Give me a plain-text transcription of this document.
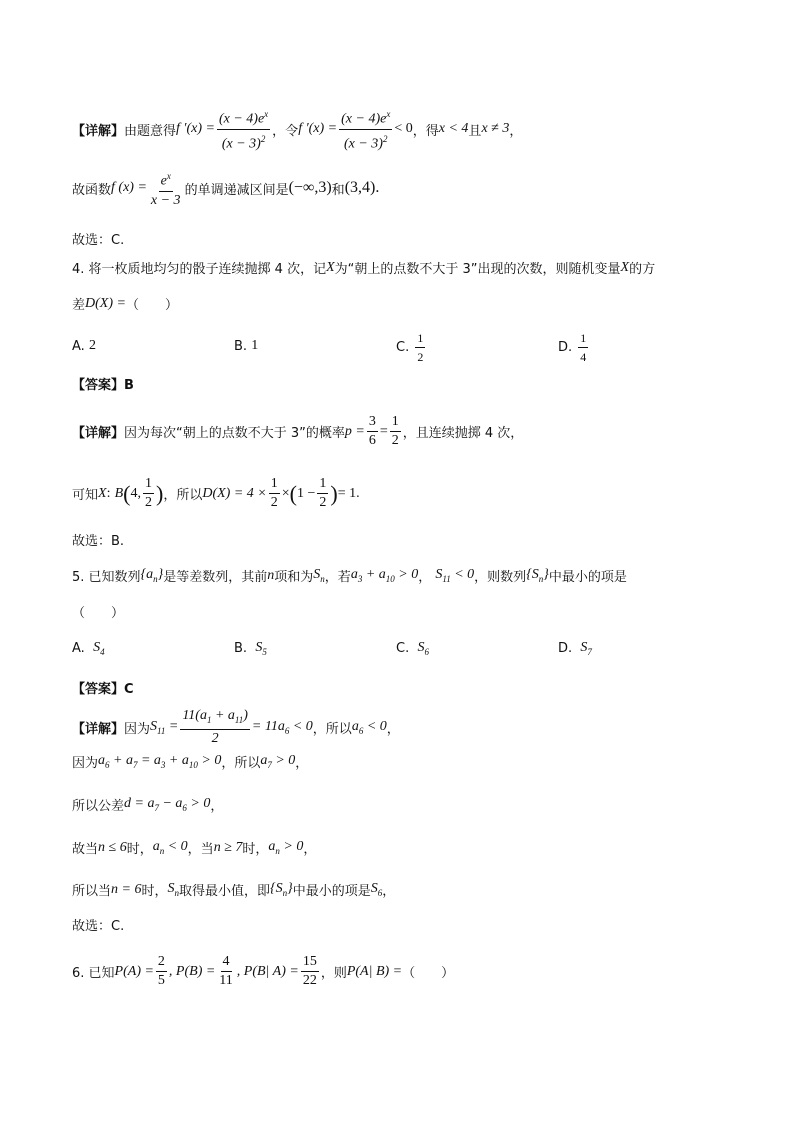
【详解】 由题意得 f $'(x) = \frac{(x - 4)e^x}{(x - 3)^2}$ ，令 f $'(x) = \frac{(x - 4)e^x}{(x - 3)^2} < 0$ ，得 x < 4 且 x ≠ 3 ，
故函数 f $(x) = \frac{e^x}{x - 3}$ 的单调递减区间是 (−∞,3) 和 (3,4).
故选：C.
4. 将一枚质地均匀的骰子连续抛掷 4 次，记 X 为“朝上的点数不大于 3”出现的次数，则随机变量 X 的方
差 D(X) = （　　）
A.
2	B.
1	C.
$\frac{1}{2}$	D.
$\frac{1}{4}$
【答案】B
【详解】 因为每次“朝上的点数不大于 3”的概率 $p = \frac{3}{6} = \frac{1}{2}$ ，且连续抛掷 4 次，
可知 X :
B ( 4, $\frac{1}{2}$ ) ，所以 $D(X) = 4 \times \frac{1}{2}$ × ( $1 - \frac{1}{2}$ ) = 1.
故选：B.
5. 已知数列 $\{a_n\}$ 是等差数列，其前 n 项和为 $S_n$ ，若 $a_3 + a_{10} > 0$ ，
$S_{11} < 0$ ，则数列 $\{S_n\}$ 中最小的项是
（　　）
A.
$S_4$	B.
$S_5$	C.
$S_6$	D.
$S_7$
【答案】C
【详解】 因为 $S_{11} = \frac{11(a_1 + a_{11})}{2} = 11a_6 < 0$ ，所以 $a_6 < 0$ ，
因为 $a_6 + a_7 = a_3 + a_{10} > 0$ ，所以 $a_7 > 0$ ，
所以公差 $d = a_7 - a_6 > 0$ ，
故当 n ≤ 6 时， $a_n < 0$ ，当 n ≥ 7 时， $a_n > 0$ ，
所以当 n = 6 时， $S_n$ 取得最小值，即 $\{S_n\}$ 中最小的项是 $S_6$ ，
故选：C.
6. 已知 $P(A) = \frac{2}{5}$ , $P(B) = \frac{4}{11}$ , P(B| $A) = \frac{15}{22}$ ，则 P(A| B) = （　　）
